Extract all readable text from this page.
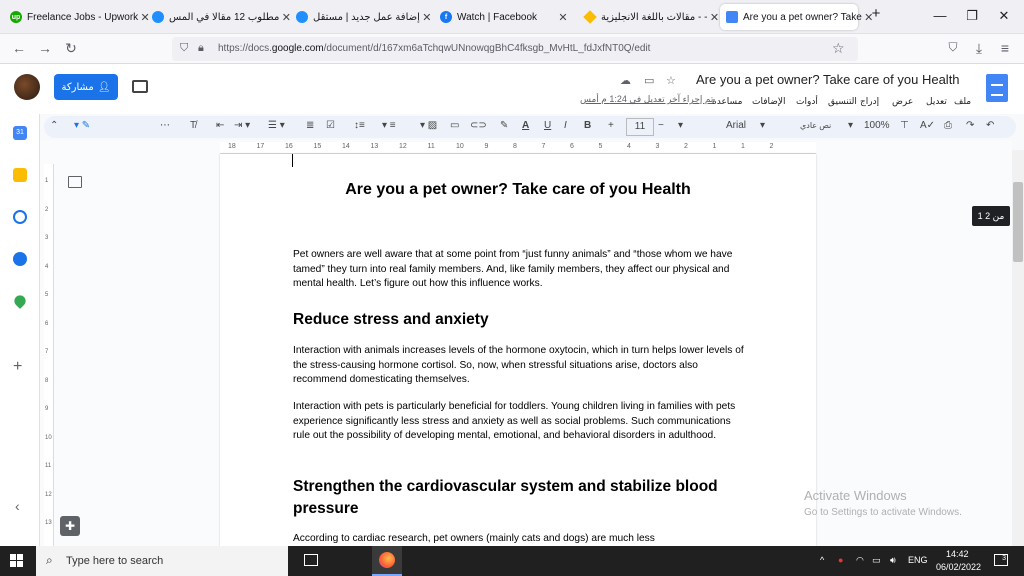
up Freelance Jobs - Upwork ✕ مطلوب 12 مقالا في المس ✕ إضافة عمل جديد | مستقل ✕	f Watch | Facebook	✕	مقالات باللغة الانجليزية - - ✕ Are you a pet owner? Take ✕
+	—	❐	✕
← → ↻	⛉ 🔒︎ https://docs.google.com/document/d/167xm6aTchqwUNnowqgBhC4fksgb_MvHtL_fdJxfNT0Q/edit	☆	⛉	⤓	≡
مشاركة 👤︎	☁ ▭ ☆ Are you a pet owner? Take care of you Health
تم إجراء آخر تعديل في 1:24 م أمس	ملف
تعديل
عرض
إدراج
التنسيق
أدوات
الإضافات
مساعدة
⌃ ▾ ✎	⋯ T̸ ⇤ ⇥ ▾ ☰ ▾ ≣ ☑ ↕≡ ▾ ≡ ▾ ▨ ▭ ⊂⊃ ✎ A U I B +	11	− ▾	Arial ▾	نص عادي ▾ 100% ⊤ A✓ ⎙ ↷ ↶
31
+
‹
18	17	16	15	14	13	12	11	10	9	8	7	6	5	4	3	2	1	1	2
1
2
3
4
5
6
7
8
9
10
11
12
13
Are you a pet owner? Take care of you Health
Pet owners are well aware that at some point from “just funny animals” and “those whom we have tamed” they turn into real family members. And, like family members, they affect our physical and mental health. Let’s figure out how this influence works.
Reduce stress and anxiety
Interaction with animals increases levels of the hormone oxytocin, which in turn helps lower levels of the stress-causing hormone cortisol. So, now, when stressful situations arise, doctors also recommend domesticating themselves.
Interaction with pets is particularly beneficial for toddlers. Young children living in families with pets experience significantly less stress and anxiety as well as social problems. Such communications rule out the possibility of developing mental, emotional, and behavioral disorders in adulthood.
Strengthen the cardiovascular system and stabilize blood pressure
According to cardiac research, pet owners (mainly cats and dogs) are much less
1 من 2
Activate Windows
Go to Settings to activate Windows.
✚
⌕ Type here to search	^ ● ◠ ▭ 🔊︎ ENG
14:42
06/02/2022
3
